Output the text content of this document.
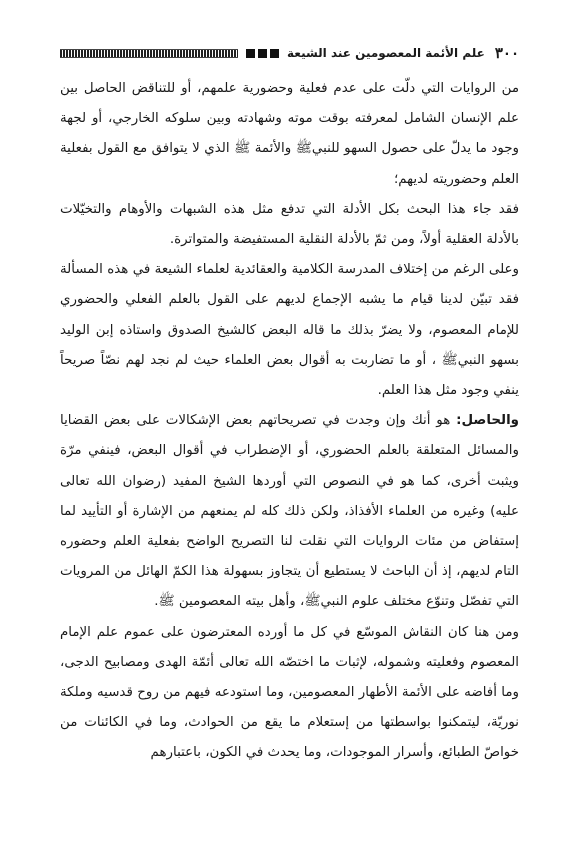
٣٠٠
علم الأئمة المعصومين عند الشيعة

من الروايات التي دلّت على عدم فعلية وحضورية علمهم، أو للتناقض الحاصل بين علم الإنسان الشامل لمعرفته بوقت موته وشهادته وبين سلوكه الخارجي، أو لجهة وجود ما يدلّ على حصول السهو للنبيﷺ والأئمة ﷺ الذي لا يتوافق مع القول بفعلية العلم وحضوريته لديهم؛

فقد جاء هذا البحث بكل الأدلة التي تدفع مثل هذه الشبهات والأوهام والتخيّلات بالأدلة العقلية أولاً، ومن ثمّ بالأدلة النقلية المستفيضة والمتواترة.

وعلى الرغم من إختلاف المدرسة الكلامية والعقائدية لعلماء الشيعة في هذه المسألة فقد تبيّن لدينا قيام ما يشبه الإجماع لديهم على القول بالعلم الفعلي والحضوري للإمام المعصوم، ولا يضرّ بذلك ما قاله البعض كالشيخ الصدوق واستاذه إبن الوليد بسهو النبيﷺ ، أو ما تضاربت به أقوال بعض العلماء حيث لم نجد لهم نصّاً صريحاً ينفي وجود مثل هذا العلم.

والحاصل: هو أنك وإن وجدت في تصريحاتهم بعض الإشكالات على بعض القضايا والمسائل المتعلقة بالعلم الحضوري، أو الإضطراب في أقوال البعض، فينفي مرّة ويثبت أخرى، كما هو في النصوص التي أوردها الشيخ المفيد (رضوان الله تعالى عليه) وغيره من العلماء الأفذاذ، ولكن ذلك كله لم يمنعهم من الإشارة أو التأييد لما إستفاض من مئات الروايات التي نقلت لنا التصريح الواضح بفعلية العلم وحضوره التام لديهم، إذ أن الباحث لا يستطيع أن يتجاوز بسهولة هذا الكمّ الهائل من المرويات التي تفصّل وتنوّع مختلف علوم النبيﷺ، وأهل بيته المعصومين ﷺ.

ومن هنا كان النقاش الموسّع في كل ما أورده المعترضون على عموم علم الإمام المعصوم وفعليته وشموله، لإثبات ما اختصّه الله تعالى أئمّة الهدى ومصابيح الدجى، وما أفاضه على الأئمة الأطهار المعصومين، وما استودعه فيهم من روح قدسيه وملكة نوريّة، ليتمكنوا بواسطتها من إستعلام ما يقع من الحوادث، وما في الكائنات من خواصّ الطبائع، وأسرار الموجودات، وما يحدث في الكون، باعتبارهم
